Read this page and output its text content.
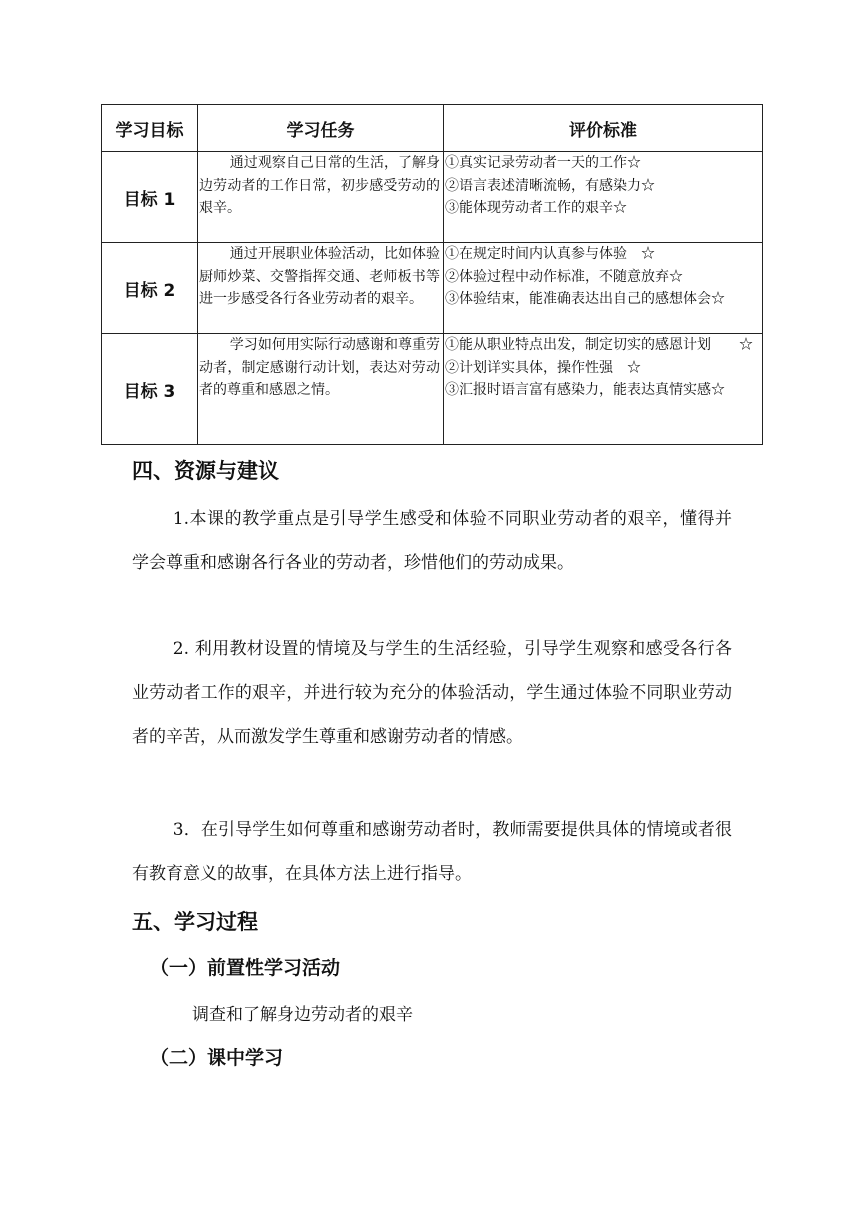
学习目标	学习任务	评价标准
目标 1	通过观察自己日常的生活，了解身边劳动者的工作日常，初步感受劳动的艰辛。	①真实记录劳动者一天的工作☆
②语言表述清晰流畅，有感染力☆
③能体现劳动者工作的艰辛☆

目标 2	通过开展职业体验活动，比如体验厨师炒菜、交警指挥交通、老师板书等进一步感受各行各业劳动者的艰辛。	①在规定时间内认真参与体验　☆
②体验过程中动作标准，不随意放弃☆
③体验结束，能准确表达出自己的感想体会☆

目标 3	学习如何用实际行动感谢和尊重劳动者，制定感谢行动计划，表达对劳动者的尊重和感恩之情。	①能从职业特点出发，制定切实的感恩计划　　☆
②计划详实具体，操作性强　☆
③汇报时语言富有感染力，能表达真情实感☆
四、资源与建议

1.本课的教学重点是引导学生感受和体验不同职业劳动者的艰辛，懂得并学会尊重和感谢各行各业的劳动者，珍惜他们的劳动成果。

2. 利用教材设置的情境及与学生的生活经验，引导学生观察和感受各行各业劳动者工作的艰辛，并进行较为充分的体验活动，学生通过体验不同职业劳动者的辛苦，从而激发学生尊重和感谢劳动者的情感。

3．在引导学生如何尊重和感谢劳动者时，教师需要提供具体的情境或者很有教育意义的故事，在具体方法上进行指导。

五、学习过程
（一）前置性学习活动

调查和了解身边劳动者的艰辛

（二）课中学习
